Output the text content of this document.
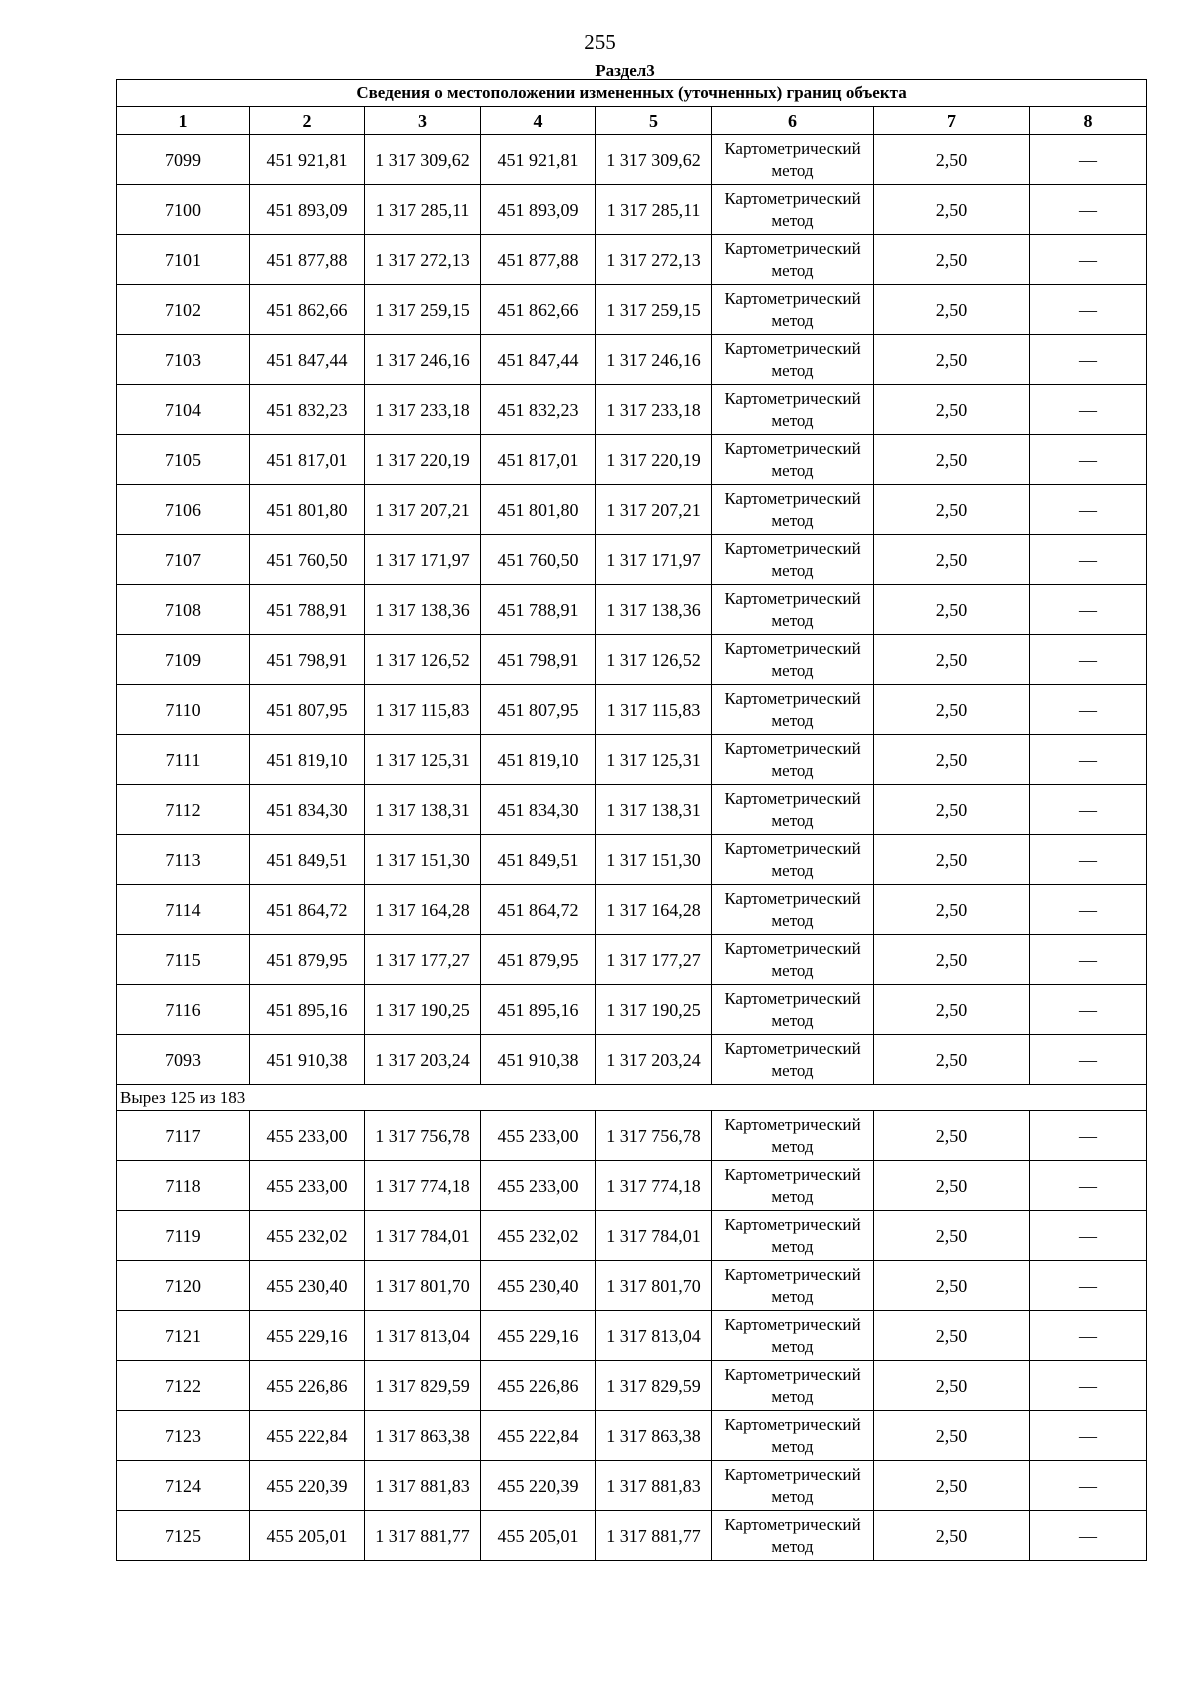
255
Раздел3
Сведения о местоположении измененных (уточненных) границ объекта							
1	2	3	4	5	6	7	8
7099	451 921,81	1 317 309,62	451 921,81	1 317 309,62	Картометрический метод	2,50	—
7100	451 893,09	1 317 285,11	451 893,09	1 317 285,11	Картометрический метод	2,50	—
7101	451 877,88	1 317 272,13	451 877,88	1 317 272,13	Картометрический метод	2,50	—
7102	451 862,66	1 317 259,15	451 862,66	1 317 259,15	Картометрический метод	2,50	—
7103	451 847,44	1 317 246,16	451 847,44	1 317 246,16	Картометрический метод	2,50	—
7104	451 832,23	1 317 233,18	451 832,23	1 317 233,18	Картометрический метод	2,50	—
7105	451 817,01	1 317 220,19	451 817,01	1 317 220,19	Картометрический метод	2,50	—
7106	451 801,80	1 317 207,21	451 801,80	1 317 207,21	Картометрический метод	2,50	—
7107	451 760,50	1 317 171,97	451 760,50	1 317 171,97	Картометрический метод	2,50	—
7108	451 788,91	1 317 138,36	451 788,91	1 317 138,36	Картометрический метод	2,50	—
7109	451 798,91	1 317 126,52	451 798,91	1 317 126,52	Картометрический метод	2,50	—
7110	451 807,95	1 317 115,83	451 807,95	1 317 115,83	Картометрический метод	2,50	—
7111	451 819,10	1 317 125,31	451 819,10	1 317 125,31	Картометрический метод	2,50	—
7112	451 834,30	1 317 138,31	451 834,30	1 317 138,31	Картометрический метод	2,50	—
7113	451 849,51	1 317 151,30	451 849,51	1 317 151,30	Картометрический метод	2,50	—
7114	451 864,72	1 317 164,28	451 864,72	1 317 164,28	Картометрический метод	2,50	—
7115	451 879,95	1 317 177,27	451 879,95	1 317 177,27	Картометрический метод	2,50	—
7116	451 895,16	1 317 190,25	451 895,16	1 317 190,25	Картометрический метод	2,50	—
7093	451 910,38	1 317 203,24	451 910,38	1 317 203,24	Картометрический метод	2,50	—
Вырез 125 из 183							
7117	455 233,00	1 317 756,78	455 233,00	1 317 756,78	Картометрический метод	2,50	—
7118	455 233,00	1 317 774,18	455 233,00	1 317 774,18	Картометрический метод	2,50	—
7119	455 232,02	1 317 784,01	455 232,02	1 317 784,01	Картометрический метод	2,50	—
7120	455 230,40	1 317 801,70	455 230,40	1 317 801,70	Картометрический метод	2,50	—
7121	455 229,16	1 317 813,04	455 229,16	1 317 813,04	Картометрический метод	2,50	—
7122	455 226,86	1 317 829,59	455 226,86	1 317 829,59	Картометрический метод	2,50	—
7123	455 222,84	1 317 863,38	455 222,84	1 317 863,38	Картометрический метод	2,50	—
7124	455 220,39	1 317 881,83	455 220,39	1 317 881,83	Картометрический метод	2,50	—
7125	455 205,01	1 317 881,77	455 205,01	1 317 881,77	Картометрический метод	2,50	—
